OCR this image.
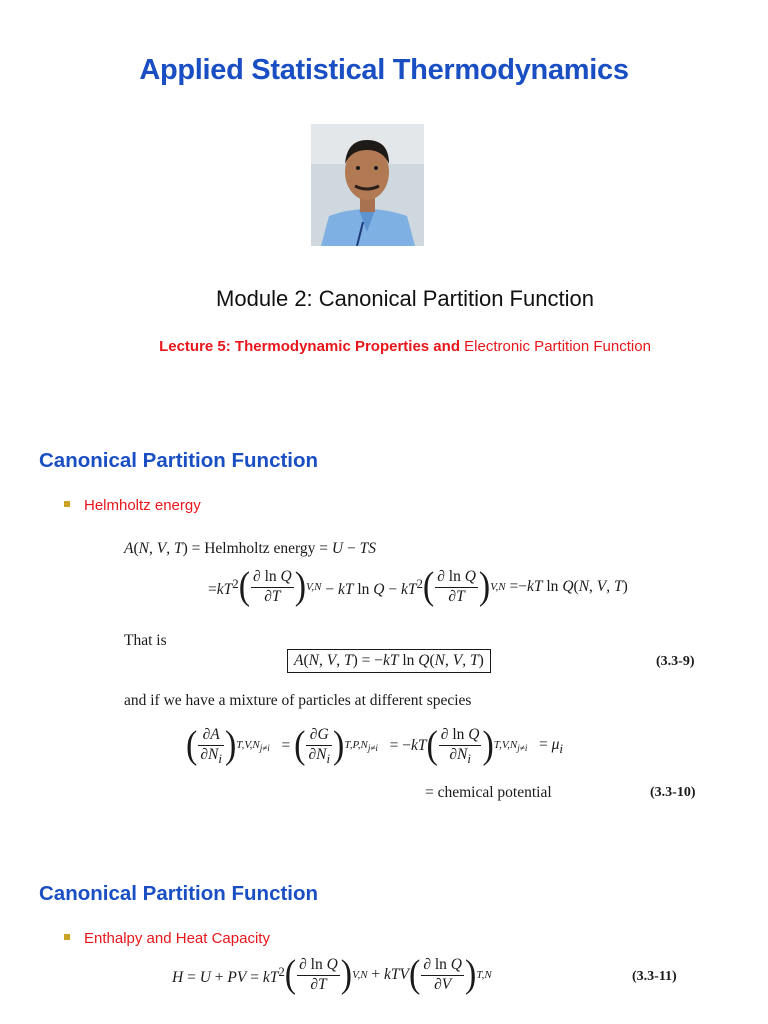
Applied Statistical Thermodynamics
Module 2: Canonical Partition Function
Lecture 5: Thermodynamic Properties and Electronic Partition Function
Canonical Partition Function
Helmholtz energy
A(N, V, T) = Helmholtz energy = U − TS
$=kT^2$ ( $\frac{\text{∂ ln Q}}{\partial T}$ ) V,N − kT $\ln Q - kT^2$ ( $\frac{\text{∂ ln Q}}{\partial T}$ ) V,N =−kT ln Q(N, V, T)
That is
A(N, V, T) = −kT ln Q(N, V, T)	(3.3-9)
and if we have a mixture of particles at different species
( $\frac{\partial A}{\partial N_i}$ ) $T,V,N_{j\ne i}$ = ( $\frac{\partial G}{\partial N_i}$ ) $T,P,N_{j\ne i} = -kT$ ( $\frac{\text{∂ ln Q}}{\partial N_i}$ ) $T,V,N_{j\ne i} = \mu_i$
= chemical potential	(3.3-10)
Canonical Partition Function
Enthalpy and Heat Capacity
H = U + PV = $kT^2$ ( $\frac{\text{∂ ln Q}}{\partial T}$ ) V,N + kTV ( $\frac{\text{∂ ln Q}}{\partial V}$ ) T,N	(3.3-11)
